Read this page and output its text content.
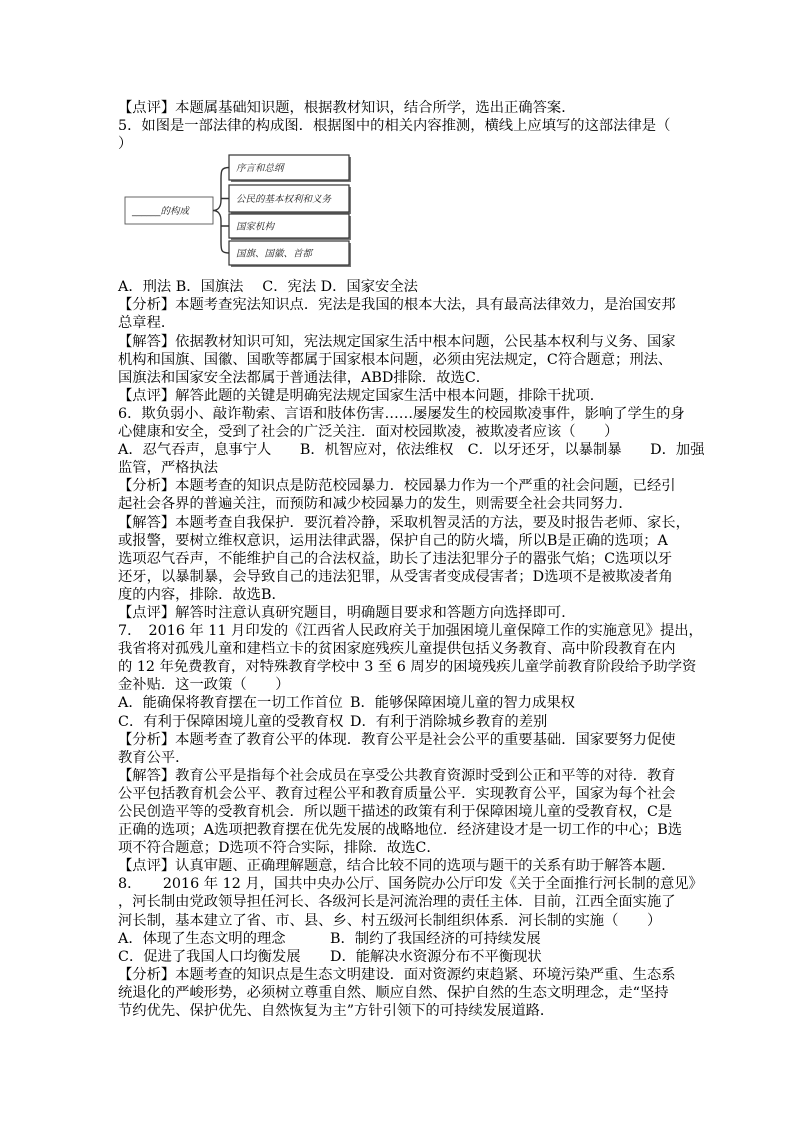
【点评】本题属基础知识题，根据教材知识，结合所学，选出正确答案．
5．如图是一部法律的构成图．根据图中的相关内容推测，横线上应填写的这部法律是（
）
______的构成
序言和总纲
公民的基本权利和义务
国家机构
国旗、国徽、首都
A．刑法 B．国旗法　 C．宪法 D．国家安全法
【分析】本题考查宪法知识点．宪法是我国的根本大法，具有最高法律效力，是治国安邦
总章程．
【解答】依据教材知识可知，宪法规定国家生活中根本问题，公民基本权利与义务、国家
机构和国旗、国徽、国歌等都属于国家根本问题，必须由宪法规定，C符合题意；刑法、
国旗法和国家安全法都属于普通法律，ABD排除．故选C．
【点评】解答此题的关键是明确宪法规定国家生活中根本问题，排除干扰项．
6．欺负弱小、敲诈勒索、言语和肢体伤害……屡屡发生的校园欺凌事件，影响了学生的身
心健康和安全，受到了社会的广泛关注．面对校园欺凌，被欺凌者应该（　　）
A．忍气吞声，息事宁人　　B．机智应对，依法维权　C．以牙还牙，以暴制暴　　D．加强
监管，严格执法
【分析】本题考查的知识点是防范校园暴力．校园暴力作为一个严重的社会问题，已经引
起社会各界的普遍关注，而预防和减少校园暴力的发生，则需要全社会共同努力．
【解答】本题考查自我保护．要沉着冷静，采取机智灵活的方法，要及时报告老师、家长，
或报警，要树立维权意识，运用法律武器，保护自己的防火墙，所以B是正确的选项；A
选项忍气吞声，不能维护自己的合法权益，助长了违法犯罪分子的嚣张气焰；C选项以牙
还牙，以暴制暴，会导致自己的违法犯罪，从受害者变成侵害者；D选项不是被欺凌者角
度的内容，排除．故选B．
【点评】解答时注意认真研究题目，明确题目要求和答题方向选择即可．
7．　2016 年 11 月印发的《江西省人民政府关于加强困境儿童保障工作的实施意见》提出，
我省将对孤残儿童和建档立卡的贫困家庭残疾儿童提供包括义务教育、高中阶段教育在内
的 12 年免费教育，对特殊教育学校中 3 至 6 周岁的困境残疾儿童学前教育阶段给予助学资
金补贴．这一政策（　　）
A．能确保将教育摆在一切工作首位 B．能够保障困境儿童的智力成果权
C．有利于保障困境儿童的受教育权 D．有利于消除城乡教育的差别
【分析】本题考查了教育公平的体现．教育公平是社会公平的重要基础．国家要努力促使
教育公平．
【解答】教育公平是指每个社会成员在享受公共教育资源时受到公正和平等的对待．教育
公平包括教育机会公平、教育过程公平和教育质量公平．实现教育公平，国家为每个社会
公民创造平等的受教育机会．所以题干描述的政策有利于保障困境儿童的受教育权，C是
正确的选项；A选项把教育摆在优先发展的战略地位．经济建设才是一切工作的中心；B选
项不符合题意；D选项不符合实际，排除．故选C．
【点评】认真审题、正确理解题意，结合比较不同的选项与题干的关系有助于解答本题．
8．　　2016 年 12 月，国共中央办公厅、国务院办公厅印发《关于全面推行河长制的意见》
，河长制由党政领导担任河长、各级河长是河流治理的责任主体．目前，江西全面实施了
河长制，基本建立了省、市、县、乡、村五级河长制组织体系．河长制的实施（　　）
A．体现了生态文明的理念	B．制约了我国经济的可持续发展
C．促进了我国人口均衡发展 D．能解决水资源分布不平衡现状
【分析】本题考查的知识点是生态文明建设．面对资源约束趋紧、环境污染严重、生态系
统退化的严峻形势，必须树立尊重自然、顺应自然、保护自然的生态文明理念，走“坚持
节约优先、保护优先、自然恢复为主”方针引领下的可持续发展道路．
